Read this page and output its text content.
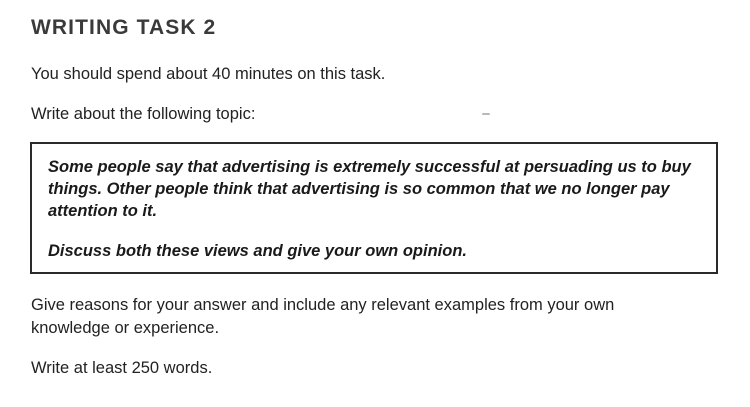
WRITING TASK 2

You should spend about 40 minutes on this task.

Write about the following topic:

Some people say that advertising is extremely successful at persuading us to buy things. Other people think that advertising is so common that we no longer pay attention to it.

Discuss both these views and give your own opinion.

Give reasons for your answer and include any relevant examples from your own knowledge or experience.

Write at least 250 words.
